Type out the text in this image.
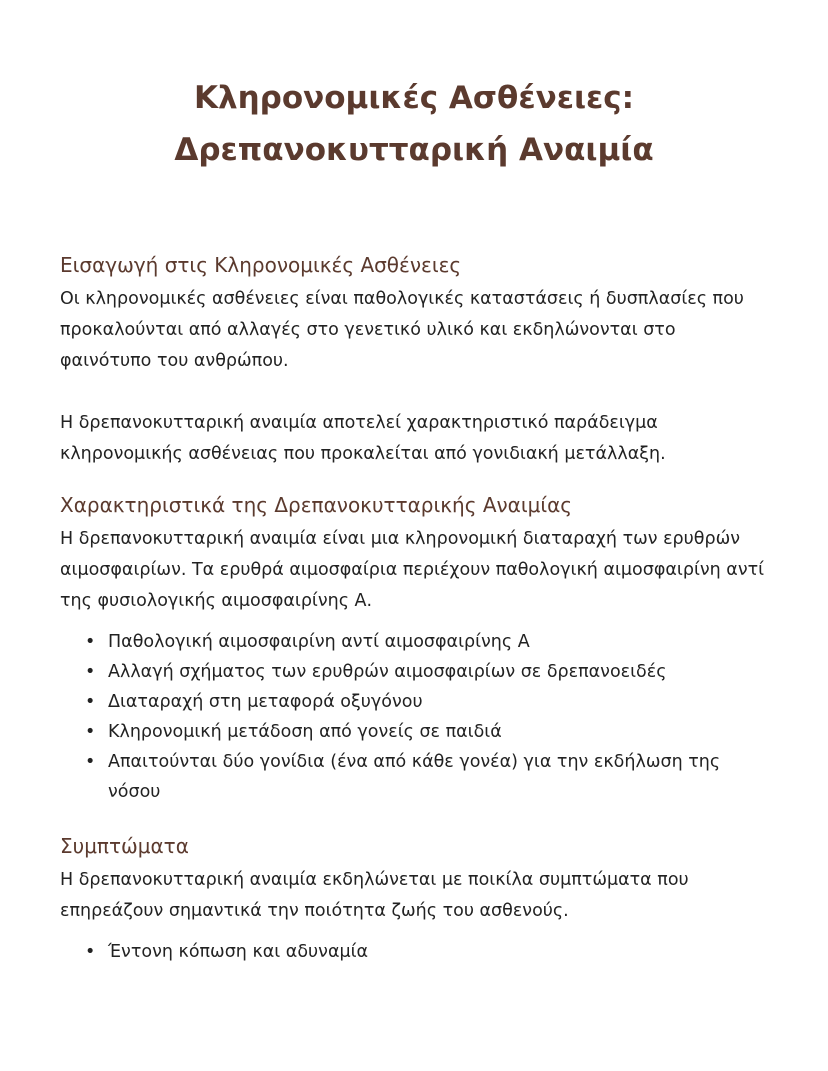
Κληρονομικές Ασθένειες:
Δρεπανοκυτταρική Αναιμία
Εισαγωγή στις Κληρονομικές Ασθένειες

Οι κληρονομικές ασθένειες είναι παθολογικές καταστάσεις ή δυσπλασίες που προκαλούνται από αλλαγές στο γενετικό υλικό και εκδηλώνονται στο φαινότυπο του ανθρώπου.

Η δρεπανοκυτταρική αναιμία αποτελεί χαρακτηριστικό παράδειγμα κληρονομικής ασθένειας που προκαλείται από γονιδιακή μετάλλαξη.

Χαρακτηριστικά της Δρεπανοκυτταρικής Αναιμίας

Η δρεπανοκυτταρική αναιμία είναι μια κληρονομική διαταραχή των ερυθρών αιμοσφαιρίων. Τα ερυθρά αιμοσφαίρια περιέχουν παθολογική αιμοσφαιρίνη αντί της φυσιολογικής αιμοσφαιρίνης Α.

• Παθολογική αιμοσφαιρίνη αντί αιμοσφαιρίνης Α
• Αλλαγή σχήματος των ερυθρών αιμοσφαιρίων σε δρεπανοειδές
• Διαταραχή στη μεταφορά οξυγόνου
• Κληρονομική μετάδοση από γονείς σε παιδιά
• Απαιτούνται δύο γονίδια (ένα από κάθε γονέα) για την εκδήλωση της νόσου
Συμπτώματα

Η δρεπανοκυτταρική αναιμία εκδηλώνεται με ποικίλα συμπτώματα που επηρεάζουν σημαντικά την ποιότητα ζωής του ασθενούς.

• Έντονη κόπωση και αδυναμία
